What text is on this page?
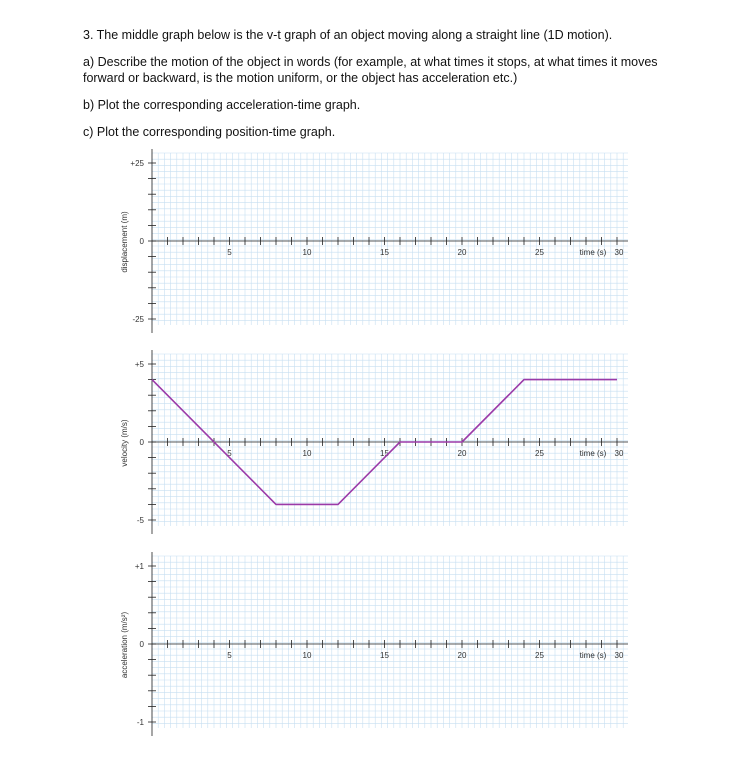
3. The middle graph below is the v-t graph of an object moving along a straight line (1D motion).

a) Describe the motion of the object in words (for example, at what times it stops, at what times it moves forward or backward, is the motion uniform, or the object has acceleration etc.)

b) Plot the corresponding acceleration-time graph.

c) Plot the corresponding position-time graph.

5	10	15	20	25	30
displacement (m)
+25
0
-25
time (s)
5	10	15	20	25	30
velocity (m/s)
+5
0
-5
time (s)
5	10	15	20	25	30
acceleration (m/s²)
+1
0
-1
time (s)
